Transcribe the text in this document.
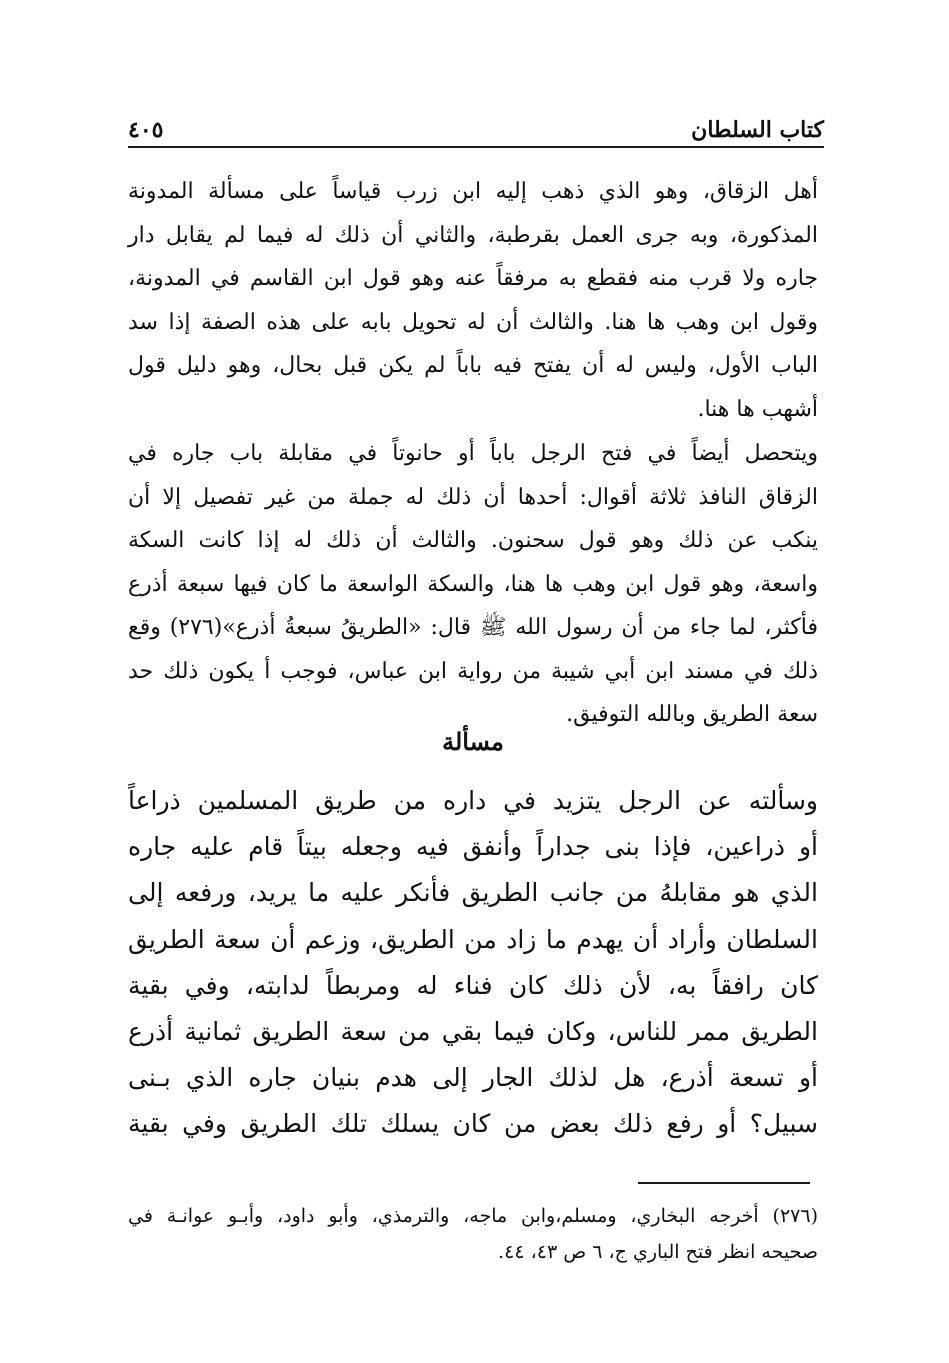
كتاب السلطان
٤٠٥
أهل الزقاق، وهو الذي ذهب إليه ابن زرب قياساً على مسألة المدونة
المذكورة، وبه جرى العمل بقرطبة، والثاني أن ذلك له فيما لم يقابل دار
جاره ولا قرب منه فقطع به مرفقاً عنه وهو قول ابن القاسم في المدونة،
وقول ابن وهب ها هنا. والثالث أن له تحويل بابه على هذه الصفة إذا سد
الباب الأول، وليس له أن يفتح فيه باباً لم يكن قبل بحال، وهو دليل قول
أشهب ها هنا.
ويتحصل أيضاً في فتح الرجل باباً أو حانوتاً في مقابلة باب جاره في
الزقاق النافذ ثلاثة أقوال: أحدها أن ذلك له جملة من غير تفصيل إلا أن
ينكب عن ذلك وهو قول سحنون. والثالث أن ذلك له إذا كانت السكة
واسعة، وهو قول ابن وهب ها هنا، والسكة الواسعة ما كان فيها سبعة أذرع
فأكثر، لما جاء من أن رسول الله ﷺ قال: «الطريقُ سبعةُ أذرع»(٢٧٦) وقع
ذلك في مسند ابن أبي شيبة من رواية ابن عباس، فوجب أ يكون ذلك حد
سعة الطريق وبالله التوفيق.
مسألة
وسألته عن الرجل يتزيد في داره من طريق المسلمين ذراعاً
أو ذراعين، فإذا بنى جداراً وأنفق فيه وجعله بيتاً قام عليه جاره
الذي هو مقابلهُ من جانب الطريق فأنكر عليه ما يريد، ورفعه إلى
السلطان وأراد أن يهدم ما زاد من الطريق، وزعم أن سعة الطريق
كان رافقاً به، لأن ذلك كان فناء له ومربطاً لدابته، وفي بقية
الطريق ممر للناس، وكان فيما بقي من سعة الطريق ثمانية أذرع
أو تسعة أذرع، هل لذلك الجار إلى هدم بنيان جاره الذي بـنى
سبيل؟ أو رفع ذلك بعض من كان يسلك تلك الطريق وفي بقية
(٢٧٦) أخرجه البخاري، ومسلم،وابن ماجه، والترمذي، وأبو داود، وأبـو عوانـة في
صحيحه انظر فتح الباري ج، ٦ ص ٤٣، ٤٤.
